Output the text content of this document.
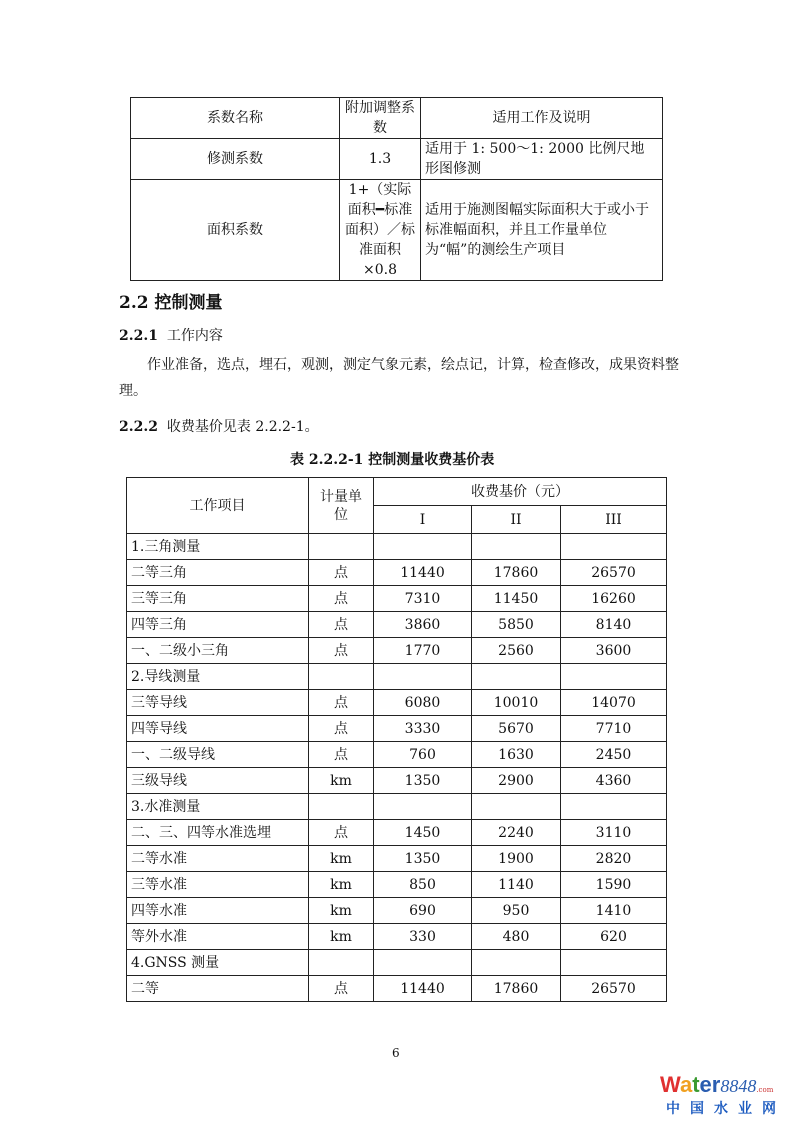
系数名称	附加调整系数	适用工作及说明
修测系数	1.3	适用于 1: 500～1: 2000 比例尺地形图修测
面积系数	1+（实际面积━标准面积）／标准面积×0.8	适用于施测图幅实际面积大于或小于标准幅面积，并且工作量单位为“幅”的测绘生产项目
2.2 控制测量
2.2.1 工作内容
作业准备，选点，埋石，观测，测定气象元素，绘点记，计算，检查修改，成果资料整理。
2.2.2 收费基价见表 2.2.2-1。
表 2.2.2-1 控制测量收费基价表
工作项目	计量单位	收费基价（元）		
		I	II	III
1.三角测量				
二等三角	点	11440	17860	26570
三等三角	点	7310	11450	16260
四等三角	点	3860	5850	8140
一、二级小三角	点	1770	2560	3600
2.导线测量				
三等导线	点	6080	10010	14070
四等导线	点	3330	5670	7710
一、二级导线	点	760	1630	2450
三级导线	km	1350	2900	4360
3.水准测量				
二、三、四等水准选埋	点	1450	2240	3110
二等水准	km	1350	1900	2820
三等水准	km	850	1140	1590
四等水准	km	690	950	1410
等外水准	km	330	480	620
4.GNSS 测量				
二等	点	11440	17860	26570
6
Water8848.com
中国水业网
